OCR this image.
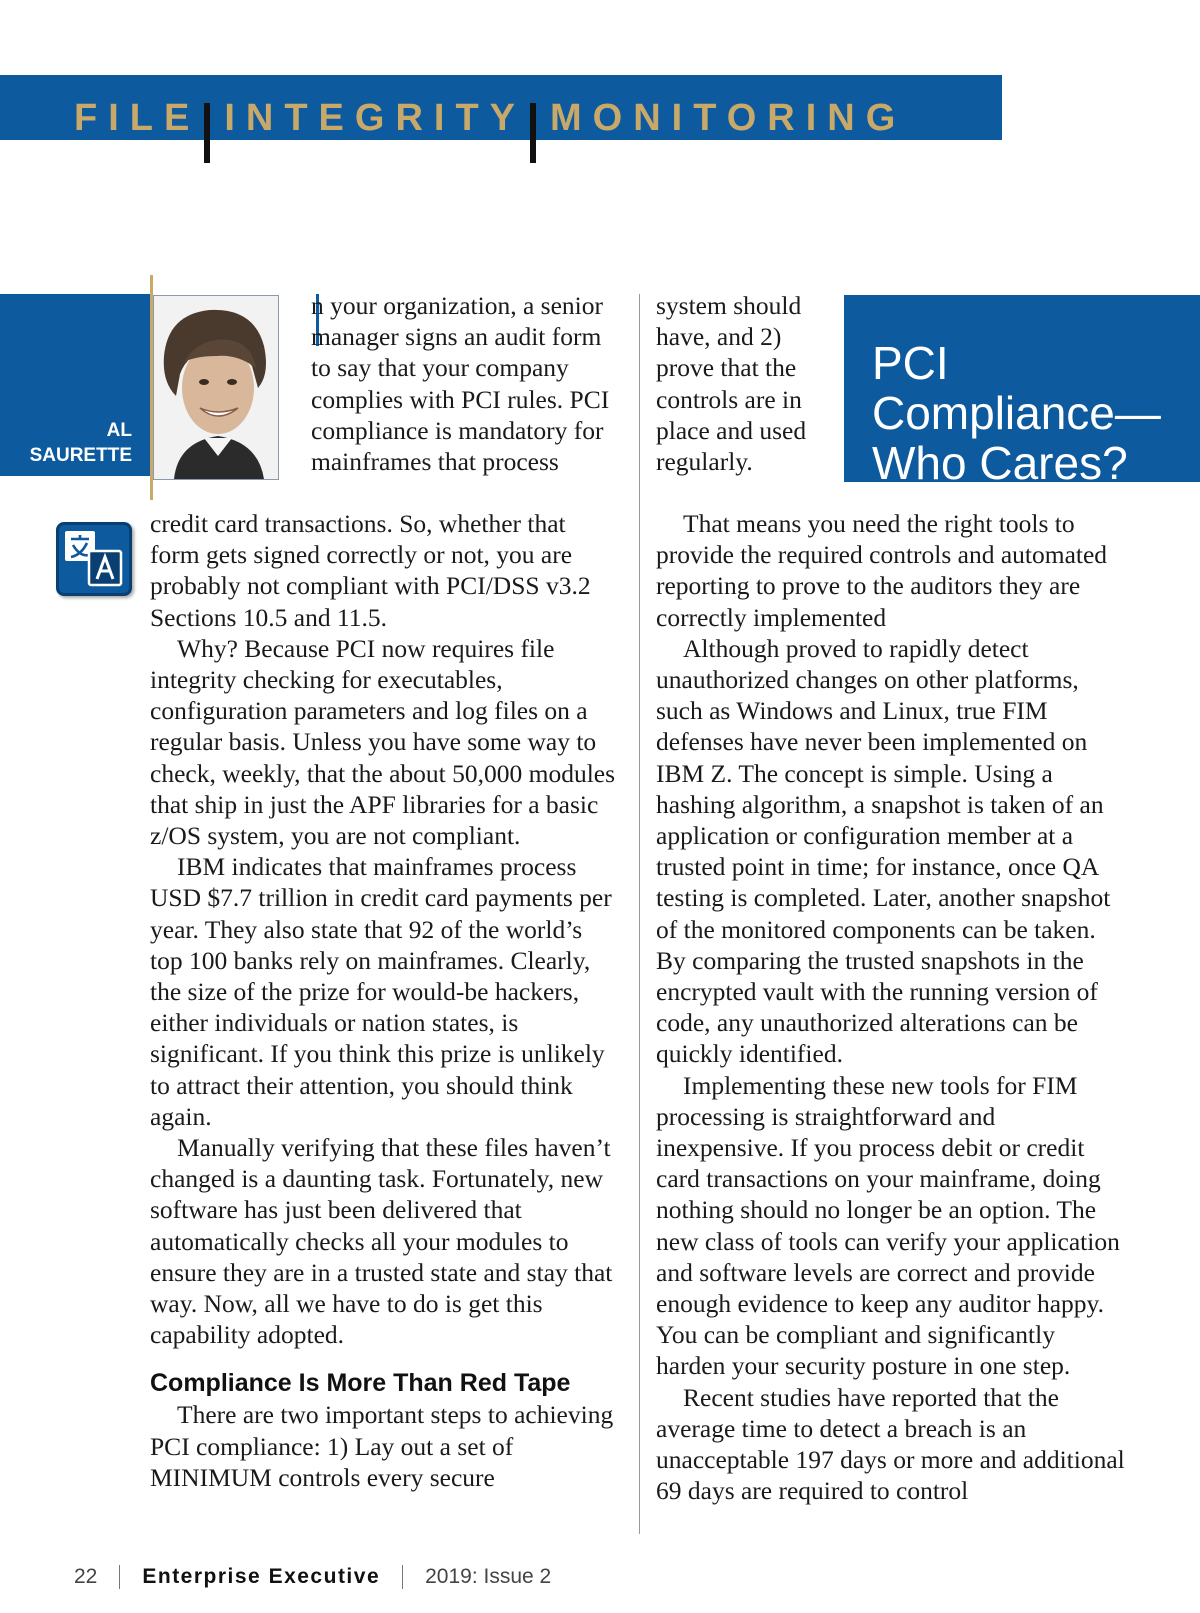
FILE INTEGRITY MONITORING
AL
SAURETTE

n your organization, a senior manager signs an audit form to say that your company complies with PCI rules. PCI compliance is mandatory for mainframes that process

credit card transactions. So, whether that form gets signed correctly or not, you are probably not compliant with PCI/DSS v3.2 Sections 10.5 and 11.5.

Why? Because PCI now requires file integrity checking for executables, configuration parameters and log files on a regular basis. Unless you have some way to check, weekly, that the about 50,000 modules that ship in just the APF libraries for a basic z/OS system, you are not compliant.

IBM indicates that mainframes process USD $7.7 trillion in credit card payments per year. They also state that 92 of the world’s top 100 banks rely on mainframes. Clearly, the size of the prize for would-be hackers, either individuals or nation states, is significant. If you think this prize is unlikely to attract their attention, you should think again.

Manually verifying that these files haven’t changed is a daunting task. Fortunately, new software has just been delivered that automatically checks all your modules to ensure they are in a trusted state and stay that way. Now, all we have to do is get this capability adopted.

Compliance Is More Than Red Tape

There are two important steps to achieving PCI compliance: 1) Lay out a set of MINIMUM controls every secure

system should have, and 2) prove that the controls are in place and used regularly.

PCI Compliance— Who Cares?

That means you need the right tools to provide the required controls and automated reporting to prove to the auditors they are correctly implemented

Although proved to rapidly detect unauthorized changes on other platforms, such as Windows and Linux, true FIM defenses have never been implemented on IBM Z. The concept is simple. Using a hashing algorithm, a snapshot is taken of an application or configuration member at a trusted point in time; for instance, once QA testing is completed. Later, another snapshot of the monitored components can be taken. By comparing the trusted snapshots in the encrypted vault with the running version of code, any unauthorized alterations can be quickly identified.

Implementing these new tools for FIM processing is straightforward and inexpensive. If you process debit or credit card transactions on your mainframe, doing nothing should no longer be an option. The new class of tools can verify your application and software levels are correct and provide enough evidence to keep any auditor happy. You can be compliant and significantly harden your security posture in one step.

Recent studies have reported that the average time to detect a breach is an unacceptable 197 days or more and additional 69 days are required to control

22 Enterprise Executive 2019: Issue 2
